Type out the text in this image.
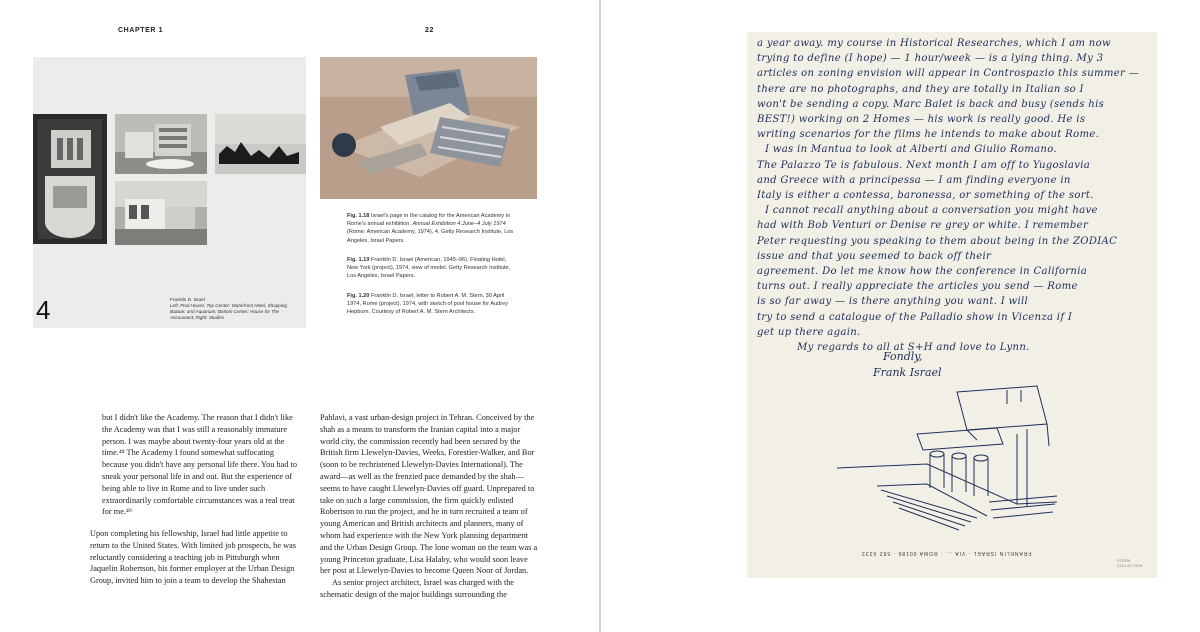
CHAPTER 1	22
4	Franklin D. Israel
Left: Pool House; Top Center: Waterfront Hotel, Shopping Bazaar, and Aquarium; Bottom Center: House for The Accountant; Right: Studies
Fig. 1.18 Israel's page in the catalog for the American Academy in Rome's annual exhibition. Annual Exhibition 4 June–4 July 1974 (Rome: American Academy, 1974), 4. Getty Research Institute, Los Angeles, Israel Papers.
Fig. 1.19 Franklin D. Israel (American, 1945–96). Floating Hotel, New York (project), 1974, view of model. Getty Research Institute, Los Angeles, Israel Papers.
Fig. 1.20 Franklin D. Israel, letter to Robert A. M. Stern, 30 April 1974, Rome (project), 1974, with sketch of pool house for Audrey Hepburn. Courtesy of Robert A. M. Stern Architects.

but I didn't like the Academy. The reason that I didn't like the Academy was that I was still a reasonably immature person. I was maybe about twenty-four years old at the time.⁴⁸ The Academy I found somewhat suffocating because you didn't have any personal life there. You had to sneak your personal life in and out. But the experience of being able to live in Rome and to live under such extraordinarily comfortable circumstances was a real treat for me.⁴⁹

Upon completing his fellowship, Israel had little appetite to return to the United States. With limited job prospects, he was reluctantly considering a teaching job in Pittsburgh when Jaquelin Robertson, his former employer at the Urban Design Group, invited him to join a team to develop the Shahestan

Pahlavi, a vast urban-design project in Tehran. Conceived by the shah as a means to transform the Iranian capital into a major world city, the commission recently had been secured by the British firm Llewelyn-Davies, Weeks, Forestier-Walker, and Bor (soon to be rechristened Llewelyn-Davies International). The award—as well as the frenzied pace demanded by the shah—seems to have caught Llewelyn-Davies off guard. Unprepared to take on such a large commission, the firm quickly enlisted Robertson to run the project, and he in turn recruited a team of young American and British architects and planners, many of whom had experience with the New York planning department and the Urban Design Group. The lone woman on the team was a young Princeton graduate, Lisa Halaby, who would soon leave her post at Llewelyn-Davies to become Queen Noor of Jordan.

As senior project architect, Israel was charged with the schematic design of the major buildings surrounding the

a year away. my course in Historical Researches, which I am now
trying to define (I hope) — 1 hour/week — is a lying thing. My 3
articles on zoning envision will appear in Controspazio this summer —
there are no photographs, and they are totally in Italian so I
won't be sending a copy. Marc Balet is back and busy (sends his
BEST!) working on 2 Homes — his work is really good. He is
writing scenarios for the films he intends to make about Rome.
I was in Mantua to look at Alberti and Giulio Romano.
The Palazzo Te is fabulous. Next month I am off to Yugoslavia
and Greece with a principessa — I am finding everyone in
Italy is either a contessa, baronessa, or something of the sort.
I cannot recall anything about a conversation you might have
had with Bob Venturi or Denise re grey or white. I remember
Peter requesting you speaking to them about being in the ZODIAC
issue and that you seemed to back off their
agreement. Do let me know how the conference in California
turns out. I really appreciate the articles you send — Rome
is so far away — is there anything you want. I will
try to send a catalogue of the Palladio show in Vicenza if I
get up there again.
My regards to all at S+H and love to Lynn.
Fondly,
Frank Israel
FRANKLIN ISRAEL · VIA ... · ROMA 00186 · 582·6232
STERN COLLECTION
